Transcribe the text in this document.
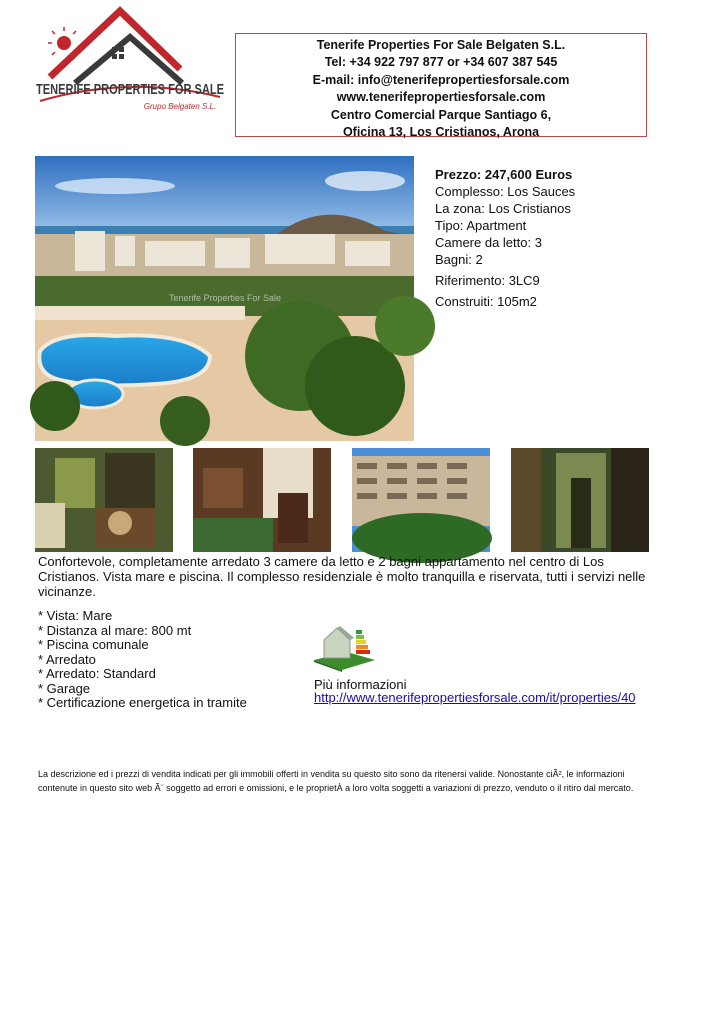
TENERIFE PROPERTIES FOR SALE
Grupo Belgaten S.L.
Tenerife Properties For Sale Belgaten S.L.
Tel: +34 922 797 877 or +34 607 387 545
E-mail: info@tenerifepropertiesforsale.com
www.tenerifepropertiesforsale.com
Centro Comercial Parque Santiago 6,
Oficina 13, Los Cristianos, Arona
Tenerife Properties For Sale
Prezzo: 247,600 Euros
Complesso: Los Sauces
La zona: Los Cristianos
Tipo: Apartment
Camere da letto: 3
Bagni: 2
Riferimento: 3LC9
Construiti: 105m2
Confortevole, completamente arredato 3 camere da letto e 2 bagni appartamento nel centro di Los Cristianos. Vista mare e piscina. Il complesso residenziale è molto tranquilla e riservata, tutti i servizi nelle vicinanze.
* Vista: Mare
* Distanza al mare: 800 mt
* Piscina comunale
* Arredato
* Arredato: Standard
* Garage
* Certificazione energetica in tramite
Più informazioni
http://www.tenerifepropertiesforsale.com/it/properties/40
La descrizione ed i prezzi di vendita indicati per gli immobili offerti in vendita su questo sito sono da ritenersi valide. Nonostante ciÃ², le informazioni contenute in questo sito web Ã¨ soggetto ad errori e omissioni, e le proprietÀ a loro volta soggetti a variazioni di prezzo, venduto o il ritiro dal mercato.
